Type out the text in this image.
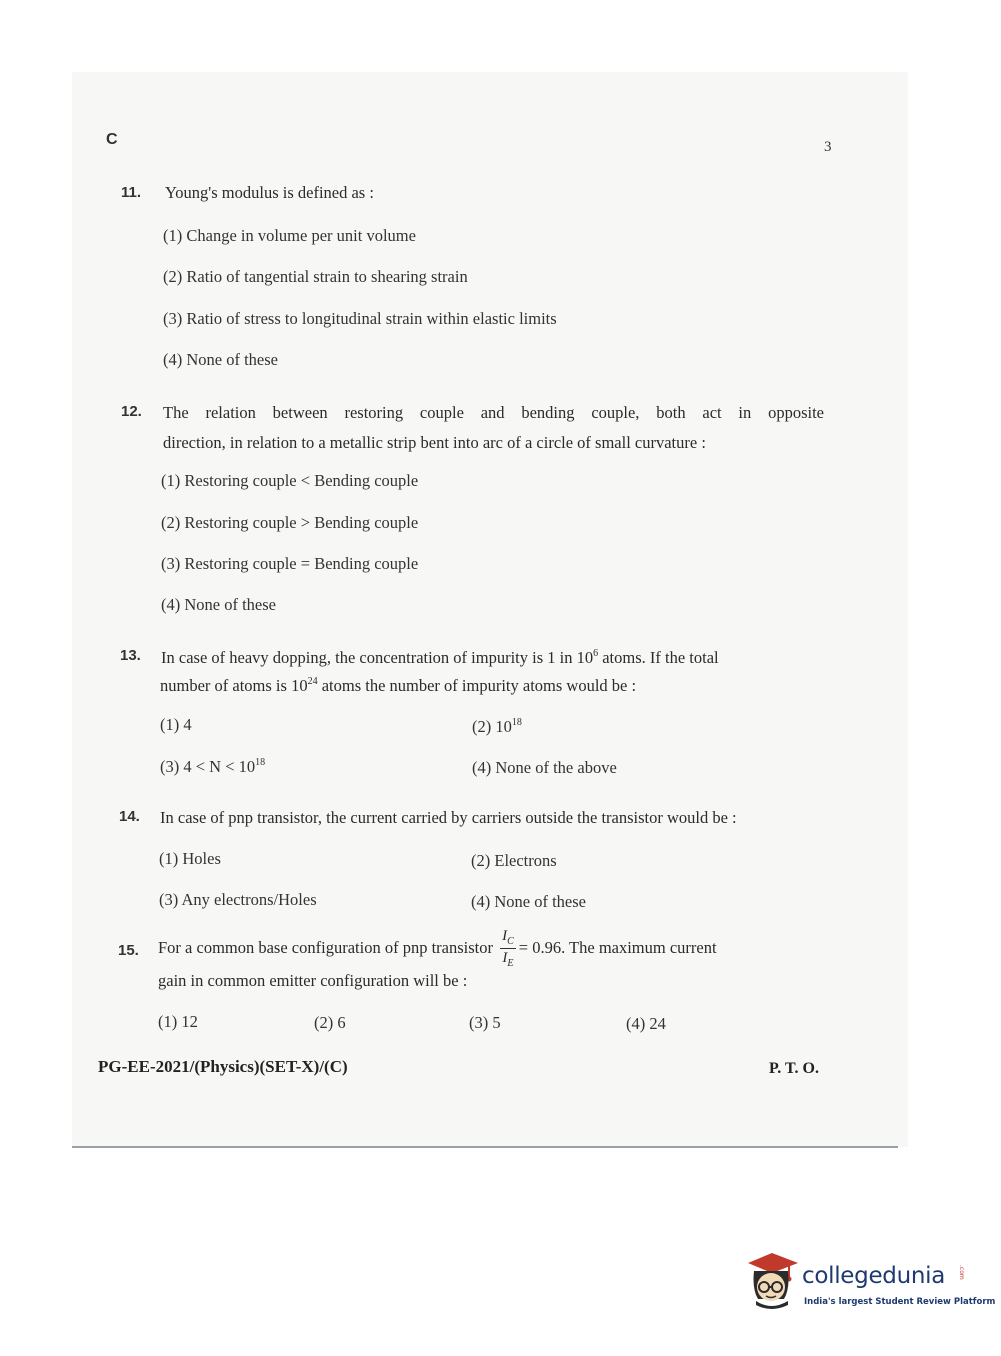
C	3
11. Young's modulus is defined as :
(1) Change in volume per unit volume
(2) Ratio of tangential strain to shearing strain
(3) Ratio of stress to longitudinal strain within elastic limits
(4) None of these
12. The relation between restoring couple and bending couple, both act in opposite
direction, in relation to a metallic strip bent into arc of a circle of small curvature :
(1) Restoring couple < Bending couple
(2) Restoring couple > Bending couple
(3) Restoring couple = Bending couple
(4) None of these
13. In case of heavy dopping, the concentration of impurity is 1 in $10^6$ atoms. If the total
number of atoms is $10^{24}$ atoms the number of impurity atoms would be :
(1) 4	(2) $10^{18}$
(3) $4 < N < 10^{18}$	(4) None of the above
14. In case of pnp transistor, the current carried by carriers outside the transistor would be :
(1) Holes	(2) Electrons
(3) Any electrons/Holes	(4) None of these
15. For a common base configuration of pnp transistor $\frac{I_C}{I_E} = 0.96$. The maximum current
gain in common emitter configuration will be :
(1) 12	(2) 6	(3) 5	(4) 24
PG-EE-2021/(Physics)(SET-X)/(C)	P. T. O.
collegedunia .com
India's largest Student Review Platform
